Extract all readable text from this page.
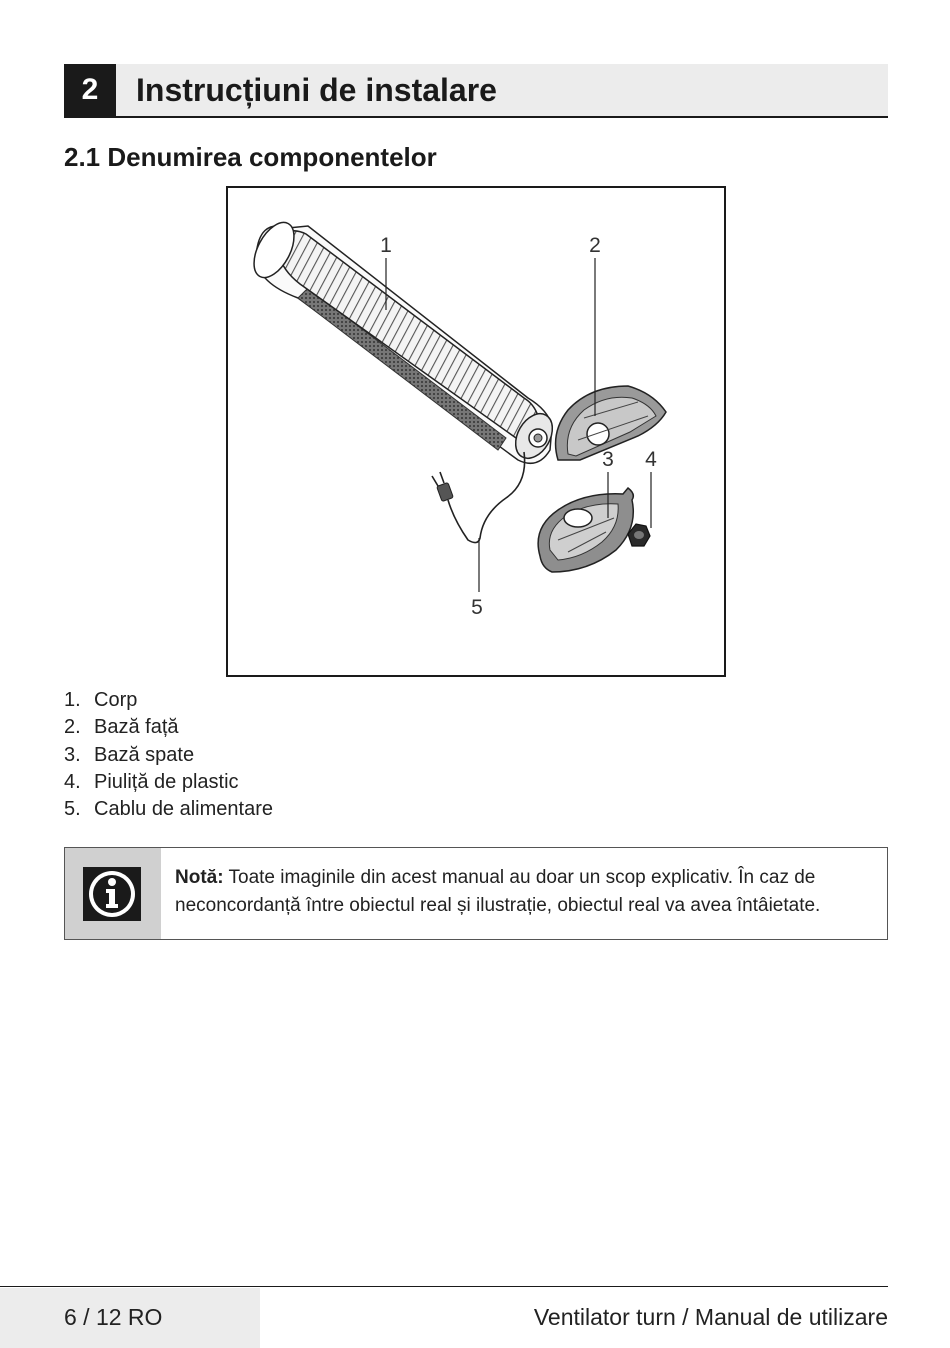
2	Instrucțiuni de instalare
2.1 Denumirea componentelor
1	2
3 4
5
1. Corp
2. Bază față
3. Bază spate
4. Piuliță de plastic
5. Cablu de alimentare
Notă: Toate imaginile din acest manual au doar un scop explicativ. În caz de neconcordanță între obiectul real și ilustrație, obiectul real va avea întâietate.
6 / 12 RO	Ventilator turn / Manual de utilizare
